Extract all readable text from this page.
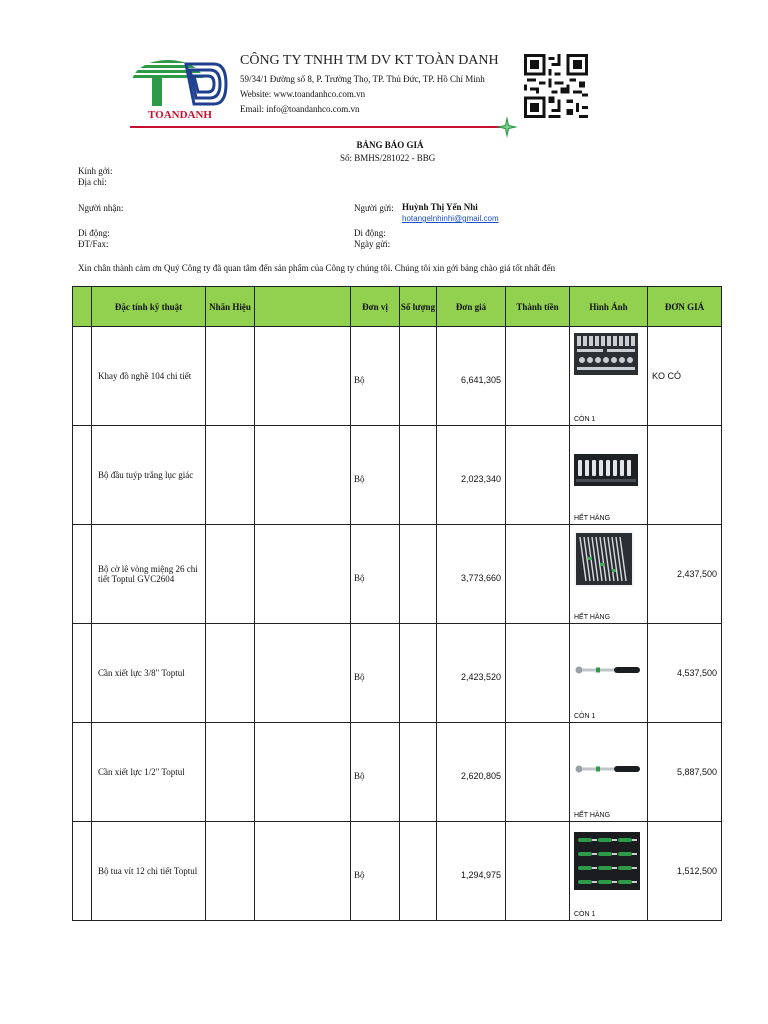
TOANDANH
CÔNG TY TNHH TM DV KT TOÀN DANH
59/34/1 Đường số 8, P. Trường Thọ, TP. Thủ Đức, TP. Hồ Chí Minh
Website: www.toandanhco.com.vn
Email: info@toandanhco.com.vn
BẢNG BÁO GIÁ
Số: BMHS/281022 - BBG
Kính gởi:
Địa chỉ:
Người nhận:
Di động:
ĐT/Fax:
Người gửi: Huỳnh Thị Yến Nhi
hotangelnhinhi@gmail.com
Di động:
Ngày gửi:
Xin chân thành cảm ơn Quý Công ty đã quan tâm đến sản phẩm của Công ty chúng tôi. Chúng tôi xin gởi bảng chào giá tốt nhất đến
	Đặc tính kỹ thuật	Nhãn Hiệu		Đơn vị	Số lượng	Đơn giá	Thành tiền	Hình Ảnh	ĐƠN GIÁ
	Khay đồ nghề 104 chi tiết			Bộ		6,641,305		CÒN 1	KO CÓ
	Bộ đầu tuýp trắng lục giác			Bộ		2,023,340		HẾT HÀNG	

	Bộ cờ lê vòng miệng 26 chi tiết Toptul GVC2604			Bộ		3,773,660		HẾT HÀNG	2,437,500
	Cần xiết lực 3/8" Toptul			Bộ		2,423,520		CÒN 1	4,537,500
	Cần xiết lực 1/2" Toptul			Bộ		2,620,805		HẾT HÀNG	5,887,500
	Bộ tua vít 12 chi tiết Toptul			Bộ		1,294,975		CÒN 1	1,512,500
